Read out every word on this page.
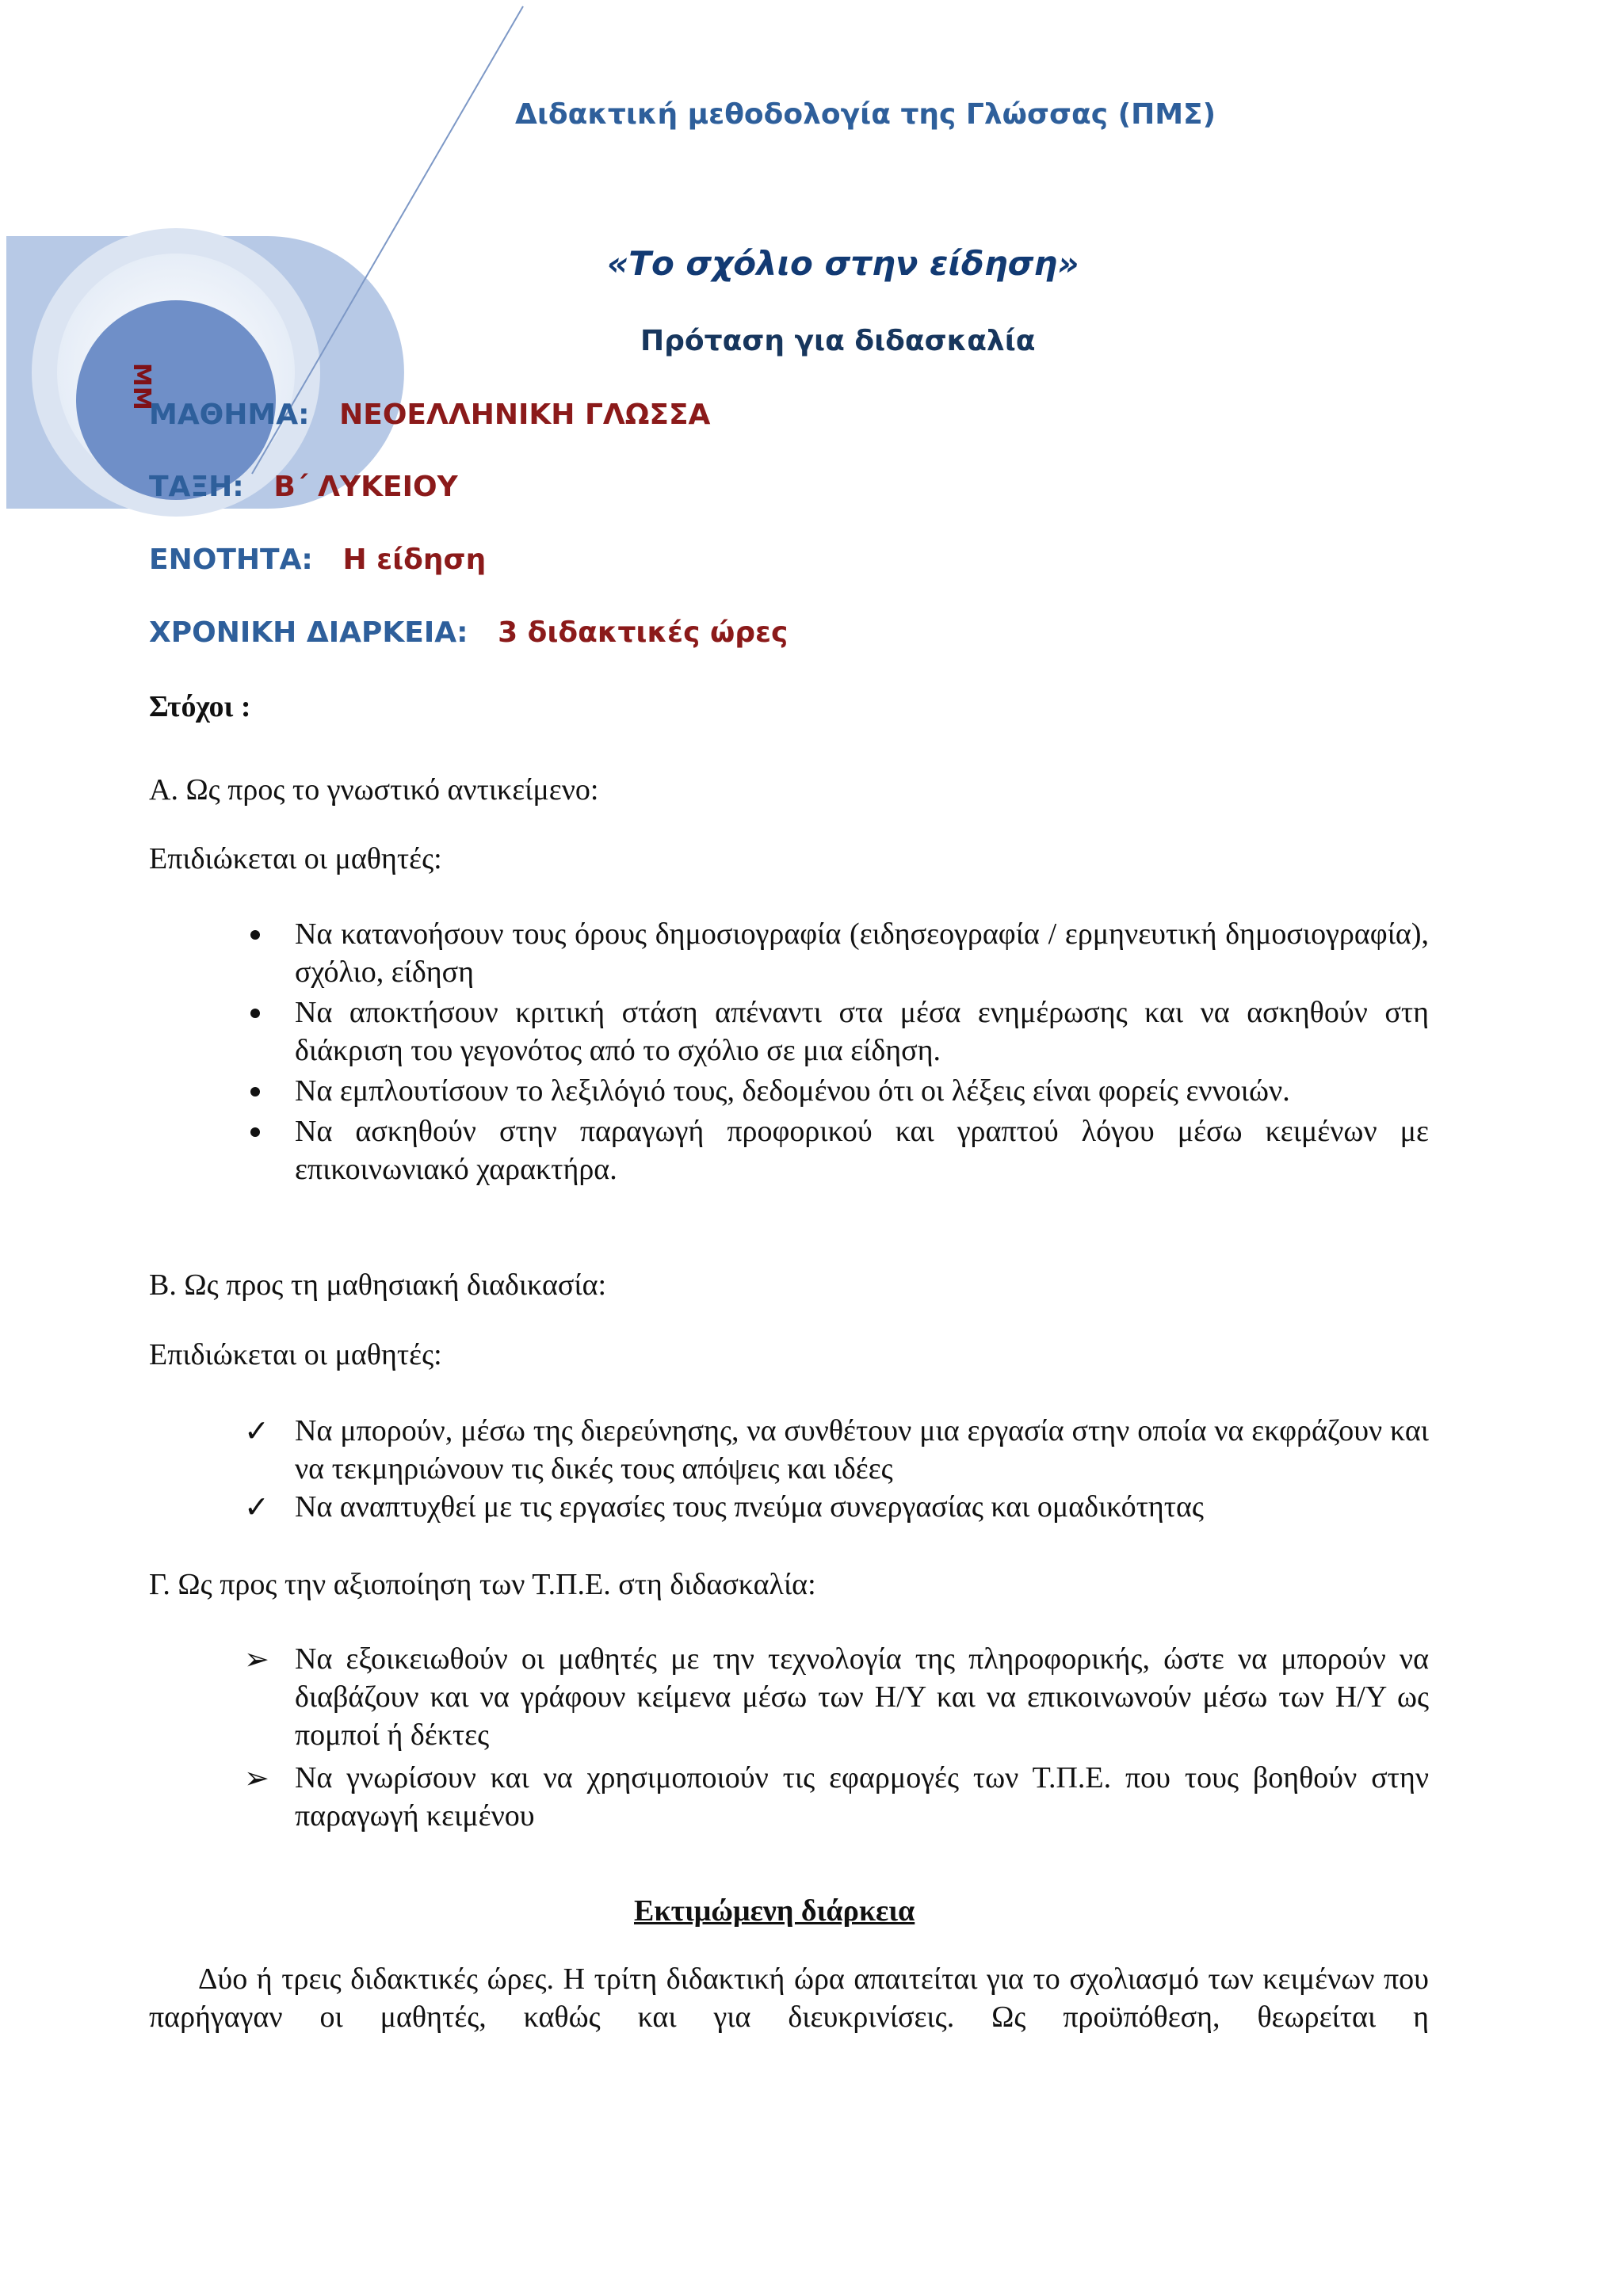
Διδακτική μεθοδολογία της Γλώσσας (ΠΜΣ)
«Το σχόλιο στην είδηση»
Πρόταση για διδασκαλία
ΜΜ
ΜΑΘΗΜΑ: ΝΕΟΕΛΛΗΝΙΚΗ ΓΛΩΣΣΑ
ΤΑΞΗ: Β΄ ΛΥΚΕΙΟΥ
ΕΝΟΤΗΤΑ: Η είδηση
ΧΡΟΝΙΚΗ ΔΙΑΡΚΕΙΑ: 3 διδακτικές ώρες
Στόχοι :
Α. Ως προς το γνωστικό αντικείμενο:
Επιδιώκεται οι μαθητές:
Να κατανοήσουν τους όρους δημοσιογραφία (ειδησεογραφία / ερμηνευτική δημοσιογραφία), σχόλιο, είδηση
Να αποκτήσουν κριτική στάση απέναντι στα μέσα ενημέρωσης και να ασκηθούν στη διάκριση του γεγονότος από το σχόλιο σε μια είδηση.
Να εμπλουτίσουν το λεξιλόγιό τους, δεδομένου ότι οι λέξεις είναι φορείς εννοιών.
Να ασκηθούν στην παραγωγή προφορικού και γραπτού λόγου μέσω κειμένων με επικοινωνιακό χαρακτήρα.
Β. Ως προς τη μαθησιακή διαδικασία:
Επιδιώκεται οι μαθητές:
✓ Να μπορούν, μέσω της διερεύνησης, να συνθέτουν μια εργασία στην οποία να εκφράζουν και να τεκμηριώνουν τις δικές τους απόψεις και ιδέες
✓ Να αναπτυχθεί με τις εργασίες τους πνεύμα συνεργασίας και ομαδικότητας
Γ. Ως προς την αξιοποίηση των Τ.Π.Ε. στη διδασκαλία:
➢ Να εξοικειωθούν οι μαθητές με την τεχνολογία της πληροφορικής, ώστε να μπορούν να διαβάζουν και να γράφουν κείμενα μέσω των Η/Υ και να επικοινωνούν μέσω των Η/Υ ως πομποί ή δέκτες
➢ Να γνωρίσουν και να χρησιμοποιούν τις εφαρμογές των Τ.Π.Ε. που τους βοηθούν στην παραγωγή κειμένου
Εκτιμώμενη διάρκεια

Δύο ή τρεις διδακτικές ώρες. Η τρίτη διδακτική ώρα απαιτείται για το σχολιασμό των κειμένων που παρήγαγαν οι μαθητές, καθώς και για διευκρινίσεις. Ως προϋπόθεση, θεωρείται η
